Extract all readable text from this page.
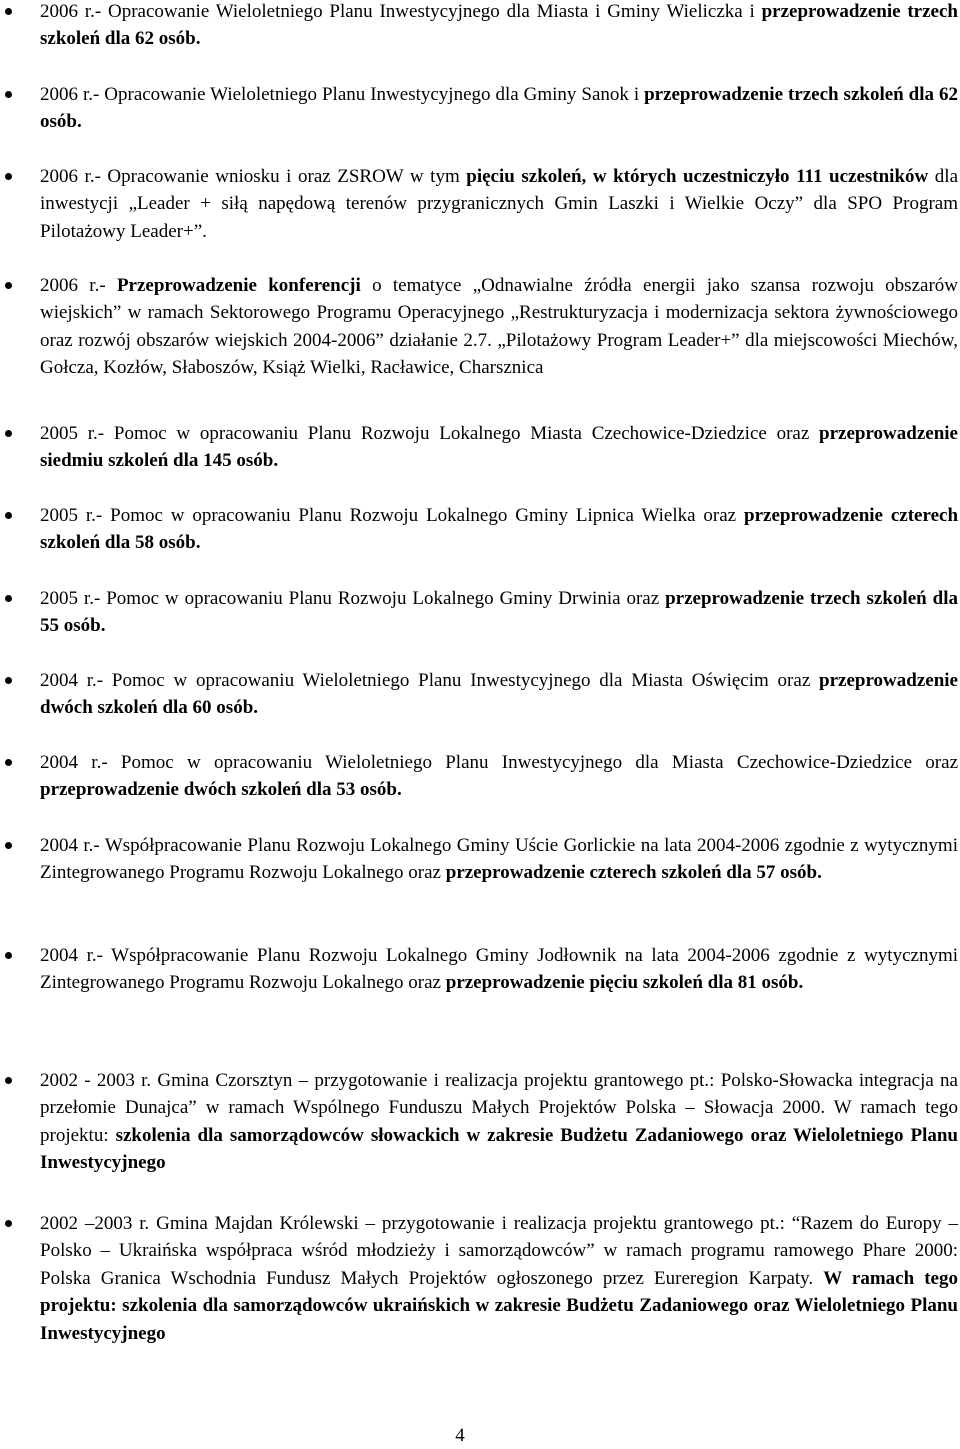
2006 r.- Opracowanie Wieloletniego Planu Inwestycyjnego dla Miasta i Gminy Wieliczka i przeprowadzenie trzech szkoleń dla 62 osób.
2006 r.- Opracowanie Wieloletniego Planu Inwestycyjnego dla Gminy Sanok i przeprowadzenie trzech szkoleń dla 62 osób.
2006 r.- Opracowanie wniosku i oraz ZSROW w tym pięciu szkoleń, w których uczestniczyło 111 uczestników dla inwestycji „Leader + siłą napędową terenów przygranicznych Gmin Laszki i Wielkie Oczy” dla SPO Program Pilotażowy Leader+”.
2006 r.- Przeprowadzenie konferencji o tematyce „Odnawialne źródła energii jako szansa rozwoju obszarów wiejskich” w ramach Sektorowego Programu Operacyjnego „Restrukturyzacja i modernizacja sektora żywnościowego oraz rozwój obszarów wiejskich 2004-2006” działanie 2.7. „Pilotażowy Program Leader+” dla miejscowości Miechów, Gołcza, Kozłów, Słaboszów, Książ Wielki, Racławice, Charsznica
2005 r.- Pomoc w opracowaniu Planu Rozwoju Lokalnego Miasta Czechowice-Dziedzice oraz przeprowadzenie siedmiu szkoleń dla 145 osób.
2005 r.- Pomoc w opracowaniu Planu Rozwoju Lokalnego Gminy Lipnica Wielka oraz przeprowadzenie czterech szkoleń dla 58 osób.
2005 r.- Pomoc w opracowaniu Planu Rozwoju Lokalnego Gminy Drwinia oraz przeprowadzenie trzech szkoleń dla 55 osób.
2004 r.- Pomoc w opracowaniu Wieloletniego Planu Inwestycyjnego dla Miasta Oświęcim oraz przeprowadzenie dwóch szkoleń dla 60 osób.
2004 r.- Pomoc w opracowaniu Wieloletniego Planu Inwestycyjnego dla Miasta Czechowice-Dziedzice oraz przeprowadzenie dwóch szkoleń dla 53 osób.
2004 r.- Współpracowanie Planu Rozwoju Lokalnego Gminy Uście Gorlickie na lata 2004-2006 zgodnie z wytycznymi Zintegrowanego Programu Rozwoju Lokalnego oraz przeprowadzenie czterech szkoleń dla 57 osób.
2004 r.- Współpracowanie Planu Rozwoju Lokalnego Gminy Jodłownik na lata 2004-2006 zgodnie z wytycznymi Zintegrowanego Programu Rozwoju Lokalnego oraz przeprowadzenie pięciu szkoleń dla 81 osób.
2002 - 2003 r. Gmina Czorsztyn – przygotowanie i realizacja projektu grantowego pt.: Polsko-Słowacka integracja na przełomie Dunajca” w ramach Wspólnego Funduszu Małych Projektów Polska – Słowacja 2000. W ramach tego projektu: szkolenia dla samorządowców słowackich w zakresie Budżetu Zadaniowego oraz Wieloletniego Planu Inwestycyjnego
2002 –2003 r. Gmina Majdan Królewski – przygotowanie i realizacja projektu grantowego pt.: “Razem do Europy – Polsko – Ukraińska współpraca wśród młodzieży i samorządowców” w ramach programu ramowego Phare 2000: Polska Granica Wschodnia Fundusz Małych Projektów ogłoszonego przez Eureregion Karpaty. W ramach tego projektu: szkolenia dla samorządowców ukraińskich w zakresie Budżetu Zadaniowego oraz Wieloletniego Planu Inwestycyjnego
4
